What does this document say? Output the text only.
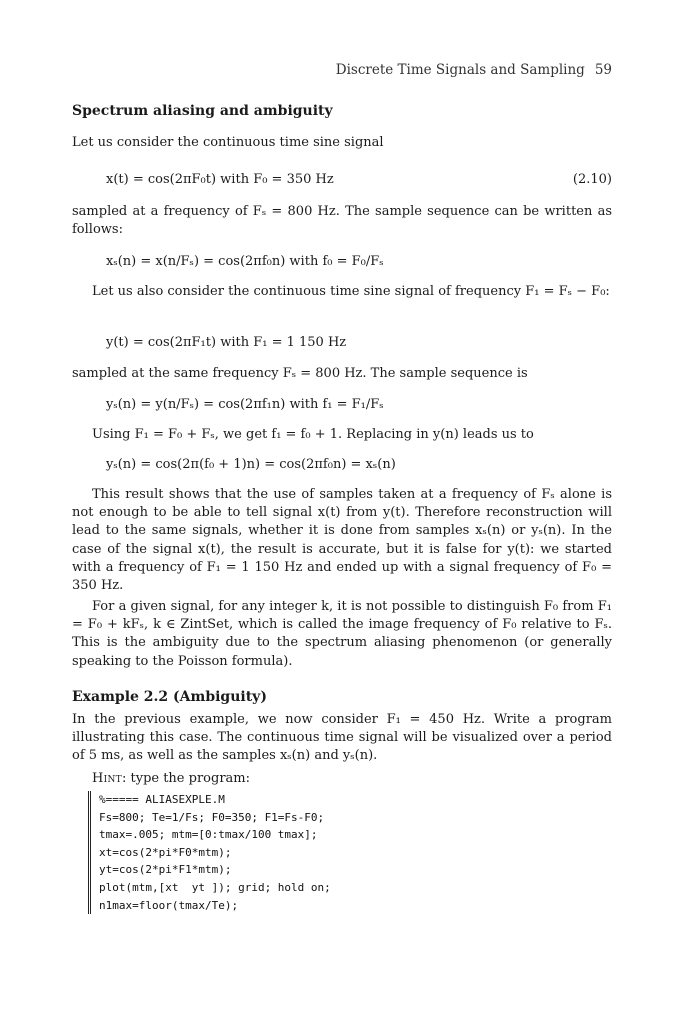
Discrete Time Signals and Sampling 59
Spectrum aliasing and ambiguity
Let us consider the continuous time sine signal
x(t) = cos(2πF₀t) with F₀ = 350 Hz	(2.10)
sampled at a frequency of Fₛ = 800 Hz. The sample sequence can be written as follows:
xₛ(n) = x(n/Fₛ) = cos(2πf₀n) with f₀ = F₀/Fₛ
Let us also consider the continuous time sine signal of frequency F₁ = Fₛ − F₀:
y(t) = cos(2πF₁t) with F₁ = 1 150 Hz
sampled at the same frequency Fₛ = 800 Hz. The sample sequence is
yₛ(n) = y(n/Fₛ) = cos(2πf₁n) with f₁ = F₁/Fₛ
Using F₁ = F₀ + Fₛ, we get f₁ = f₀ + 1. Replacing in y(n) leads us to
yₛ(n) = cos(2π(f₀ + 1)n) = cos(2πf₀n) = xₛ(n)
This result shows that the use of samples taken at a frequency of Fₛ alone is not enough to be able to tell signal x(t) from y(t). Therefore reconstruction will lead to the same signals, whether it is done from samples xₛ(n) or yₛ(n). In the case of the signal x(t), the result is accurate, but it is false for y(t): we started with a frequency of F₁ = 1 150 Hz and ended up with a signal frequency of F₀ = 350 Hz.
For a given signal, for any integer k, it is not possible to distinguish F₀ from F₁ = F₀ + kFₛ, k ∈ ZintSet, which is called the image frequency of F₀ relative to Fₛ. This is the ambiguity due to the spectrum aliasing phenomenon (or generally speaking to the Poisson formula).
Example 2.2 (Ambiguity)
In the previous example, we now consider F₁ = 450 Hz. Write a program illustrating this case. The continuous time signal will be visualized over a period of 5 ms, as well as the samples xₛ(n) and yₛ(n).
Hint: type the program:
%===== ALIASEXPLE.M
Fs=800; Te=1/Fs; F0=350; F1=Fs-F0;
tmax=.005; mtm=[0:tmax/100 tmax];
xt=cos(2*pi*F0*mtm);
yt=cos(2*pi*F1*mtm);
plot(mtm,[xt  yt ]); grid; hold on;
n1max=floor(tmax/Te);
